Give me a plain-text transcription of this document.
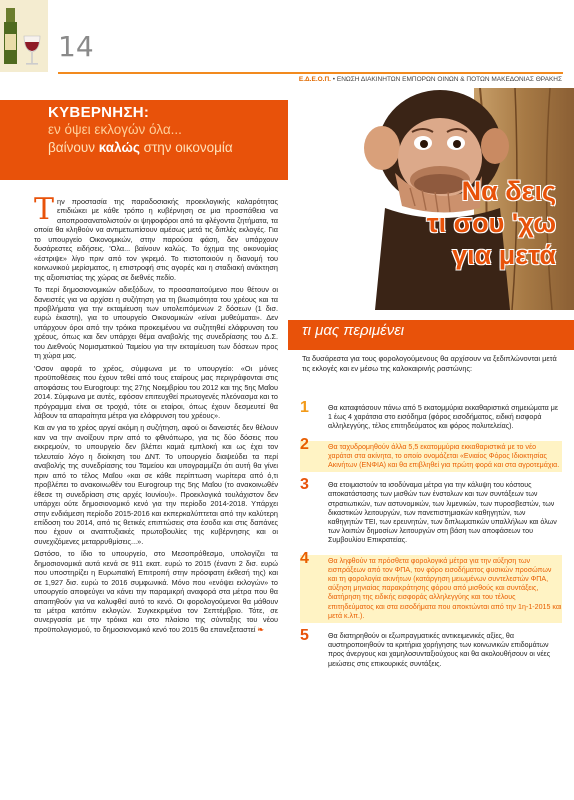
14
Ε.Δ.Ε.Ο.Π. • ΕΝΩΣΗ ΔΙΑΚΙΝΗΤΩΝ ΕΜΠΟΡΩΝ ΟΙΝΩΝ & ΠΟΤΩΝ ΜΑΚΕΔΟΝΙΑΣ ΘΡΑΚΗΣ
ΚΥΒΕΡΝΗΣΗ:
εν όψει εκλογών όλα...
βαίνουν καλώς στην οικονομία
Να δεις
τι σου 'χω
για μετά

Την προστασία της παραδοσιακής προεκλογικής καλαρότητας επιδιώκει με κάθε τρόπο η κυβέρνηση σε μια προσπάθεια να αποπροσανατολιστούν οι ψηφοφόροι από τα φλέγοντα ζητήματα, τα οποία θα κληθούν να αντιμετωπίσουν αμέσως μετά τις διπλές εκλογές. Για το υπουργείο Οικονομικών, στην παρούσα φάση, δεν υπάρχουν δυσάρεστες ειδήσεις. 'Ολα... βαίνουν καλώς. Το όχημα της οικονομίας «έστριψε» λίγο πριν από τον γκρεμό. Το πιστοποιούν η διανομή του κοινωνικού μερίσματος, η επιστροφή στις αγορές και η σταδιακή ανάκτηση της αξιοπιστίας της χώρας σε διεθνές πεδίο.

Το περί δημοσιονομικών αδιεξόδων, το προσαπαιτούμενο που θέτουν οι δανειστές για να αρχίσει η συζήτηση για τη βιωσιμότητα του χρέους και τα προβλήματα για την εκταμίευση των υπολειπόμενων 2 δόσεων (1 δισ. ευρώ έκαστη), για το υπουργείο Οικονομικών «είναι μυθεύματα». Δεν υπάρχουν όροι από την τρόικα προκειμένου να συζητηθεί ελάφρυνση του χρέους, όπως και δεν υπάρχει θέμα αναβολής της συνεδρίασης του Δ.Σ. του Διεθνούς Νομισματικού Ταμείου για την εκταμίευση των δόσεων προς τη χώρα μας.

'Οσον αφορά το χρέος, σύμφωνα με το υπουργείο: «Οι μόνες προϋποθέσεις που έχουν τεθεί από τους εταίρους μας περιγράφονται στις αποφάσεις του Eurogroup: της 27ης Νοεμβρίου του 2012 και της 5ης Μαΐου 2014. Σύμφωνα με αυτές, εφόσον επιτευχθεί πρωτογενές πλεόνασμα και το πρόγραμμα είναι σε τροχιά, τότε οι εταίροι, όπως έχουν δεσμευτεί θα λάβουν τα απαραίτητα μέτρα για ελάφρυνση του χρέους».

Και αν για το χρέος αργεί ακόμη η συζήτηση, αφού οι δανειστές δεν θέλουν καν να την ανοίξουν πριν από το φθινόπωρο, για τις δύο δόσεις που εκκρεμούν, το υπουργείο δεν βλέπει καμιά εμπλοκή και ως έχει τον τελευταίο λόγο η διοίκηση του ΔΝΤ. Το υπουργείο διαψεύδει τα περί αναβολής της συνεδρίασης του Ταμείου και υπογραμμίζει ότι αυτή θα γίνει πριν από το τέλος Μαΐου «και σε κάθε περίπτωση νωρίτερα από ό,τι προβλέπει το ανακοινωθέν του Eurogroup της 5ης Μαΐου (το ανακοινωθέν έθεσε τη συνεδρίαση στις αρχές Ιουνίου)». Προεκλογικά τουλάχιστον δεν υπάρχει ούτε δημοσιονομικό κενό για την περίοδο 2014-2018. Υπάρχει στην ενδιάμεση περίοδο 2015-2016 και εκπερκαλύπτεται από την καλύτερη επίδοση του 2014, από τις θετικές επιπτώσεις στα έσοδα και στις δαπάνες που έχουν οι αναπτυξιακές πρωτοβουλίες της κυβέρνησης και οι συνεχιζόμενες μεταρρυθμίσεις...».

Ωστόσο, το ίδιο το υπουργείο, στο Μεσοπρόθεσμο, υπολογίζει τα δημοσιονομικά αυτά κενά σε 911 εκατ. ευρώ το 2015 (έναντι 2 δισ. ευρώ που υποστηρίζει η Ευρωπαϊκή Επιτροπή στην πρόσφατη έκθεσή της) και σε 1,927 δισ. ευρώ το 2016 συμφωνικά. Μόνο που «ενόψει εκλογών» το υπουργείο αποφεύγει να κάνει την παραμικρή αναφορά στα μέτρα που θα απαιτηθούν για να καλυφθεί αυτό το κενό. Οι φορολογούμενοι θα μάθουν τα μέτρα κατόπιν εκλογών. Συγκεκριμένα τον Σεπτέμβριο. Τότε, σε συνεργασία με την τρόικα και στο πλαίσιο της σύνταξης του νέου προϋπολογισμού, το δημοσιονομικό κενό του 2015 θα επανεξεταστεί ❧

τι μας περιμένει
Τα δυσάρεστα για τους φορολογούμενους θα αρχίσουν να ξεδιπλώνονται μετά τις εκλογές και εν μέσω της καλοκαιρινής ραστώνης:
1	Θα καταφτάσουν πάνω από 5 εκατομμύρια εκκαθαριστικά σημειώματα με 1 έως 4 χαράτσια στο εισόδημα (φόρος εισοδήματος, ειδική εισφορά αλληλεγγύης, τέλος επιτηδεύματος και φόρος πολυτελείας).
2	Θα ταχυδρομηθούν άλλα 5,5 εκατομμύρια εκκαθαριστικά με το νέο χαράτσι στα ακίνητα, το οποίο ονομάζεται «Ενιαίος Φόρος Ιδιοκτησίας Ακινήτων (ΕΝΦΙΑ) και θα επιβληθεί για πρώτη φορά και στα αγροτεμάχια.
3	Θα ετοιμαστούν τα ισοδύναμα μέτρα για την κάλυψη του κόστους αποκατάστασης των μισθών των ένστολων και των συντάξεων των στρατιωτικών, των αστυνομικών, των λιμενικών, των πυροσβεστών, των δικαστικών λειτουργών, των πανεπιστημιακών καθηγητών, των καθηγητών ΤΕΙ, των ερευνητών, των διπλωματικών υπαλλήλων και όλων των λοιπών δημοσίων λειτουργών στη βάση των αποφάσεων του Συμβουλίου Επικρατείας.
4	Θα ληφθούν τα πρόσθετα φορολογικά μέτρα για την αύξηση των εισπράξεων από τον ΦΠΑ, τον φόρο εισοδήματος φυσικών προσώπων και τη φορολογία ακινήτων (κατάργηση μειωμένων συντελεστών ΦΠΑ, αύξηση μηνιαίας παρακράτησης φόρου από μισθούς και συντάξεις, διατήρηση της ειδικής εισφοράς αλληλεγγύης και του τέλους επιτηδεύματος και στα εισοδήματα που αποκτώνται από την 1η-1-2015 και μετά κ.λπ.).
5	Θα διατηρηθούν οι εξωπραγματικές αντικειμενικές αξίες, θα αυστηροποιηθούν τα κριτήρια χορήγησης των κοινωνικών επιδομάτων προς άνεργους και χαμηλοσυνταξιούχους και θα ακολουθήσουν οι νέες μειώσεις στις επικουρικές συντάξεις.
